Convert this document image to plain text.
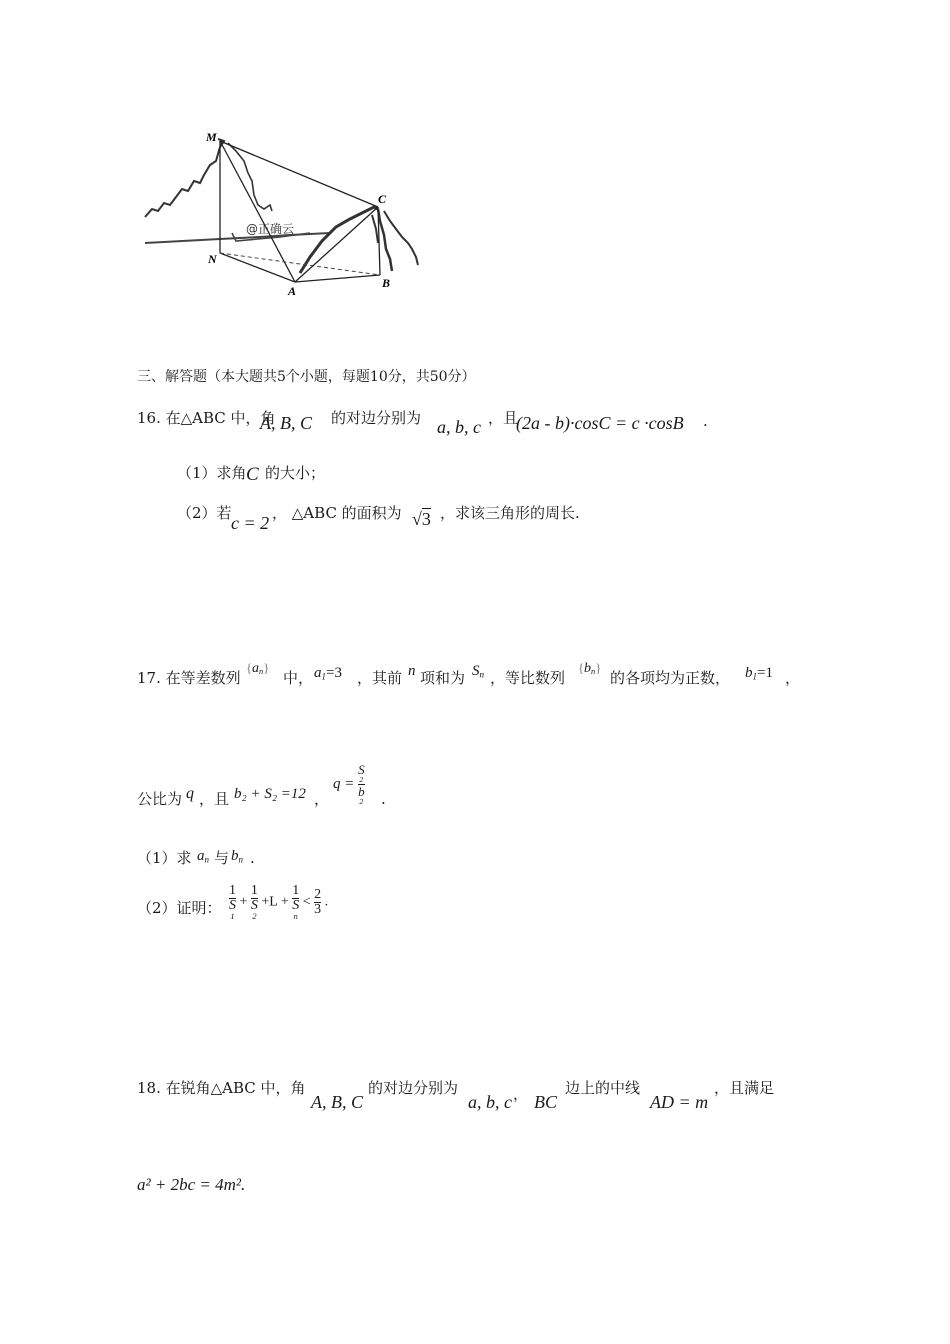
M
N
A
B
C
@正确云
三、解答题（本大题共5个小题，每题10分，共50分）
16. 在△ABC 中，角
A, B, C 的对边分别为 a, b, c ，且
(2a - b)·cosC = c ·cosB .
（1）求角 C 的大小；
（2）若 c = 2 ， △ABC 的面积为 √3 ，求该三角形的周长.
17. 在等差数列
$\{a_n\}$
中， $a_1=3$ ，其前 n 项和为 $S_n$ ，等比数列
$\{b_n\}$
的各项均为正数， $b_1=1$ ，
公比为 q ，且 b₂ + S₂ =12 ，
q = S
2
b
2 .
（1）求 $a_n$ 与 $b_n$ .
（2）证明： 1
S
1 + 1
S
2 +L + 1
S
$n < \frac{2}{3}$ .
18. 在锐角△ABC 中，角
A, B, C
的对边分别为
a, b, c ， BC
边上的中线
AD = m
，且满足
a² + 2bc = 4m².
